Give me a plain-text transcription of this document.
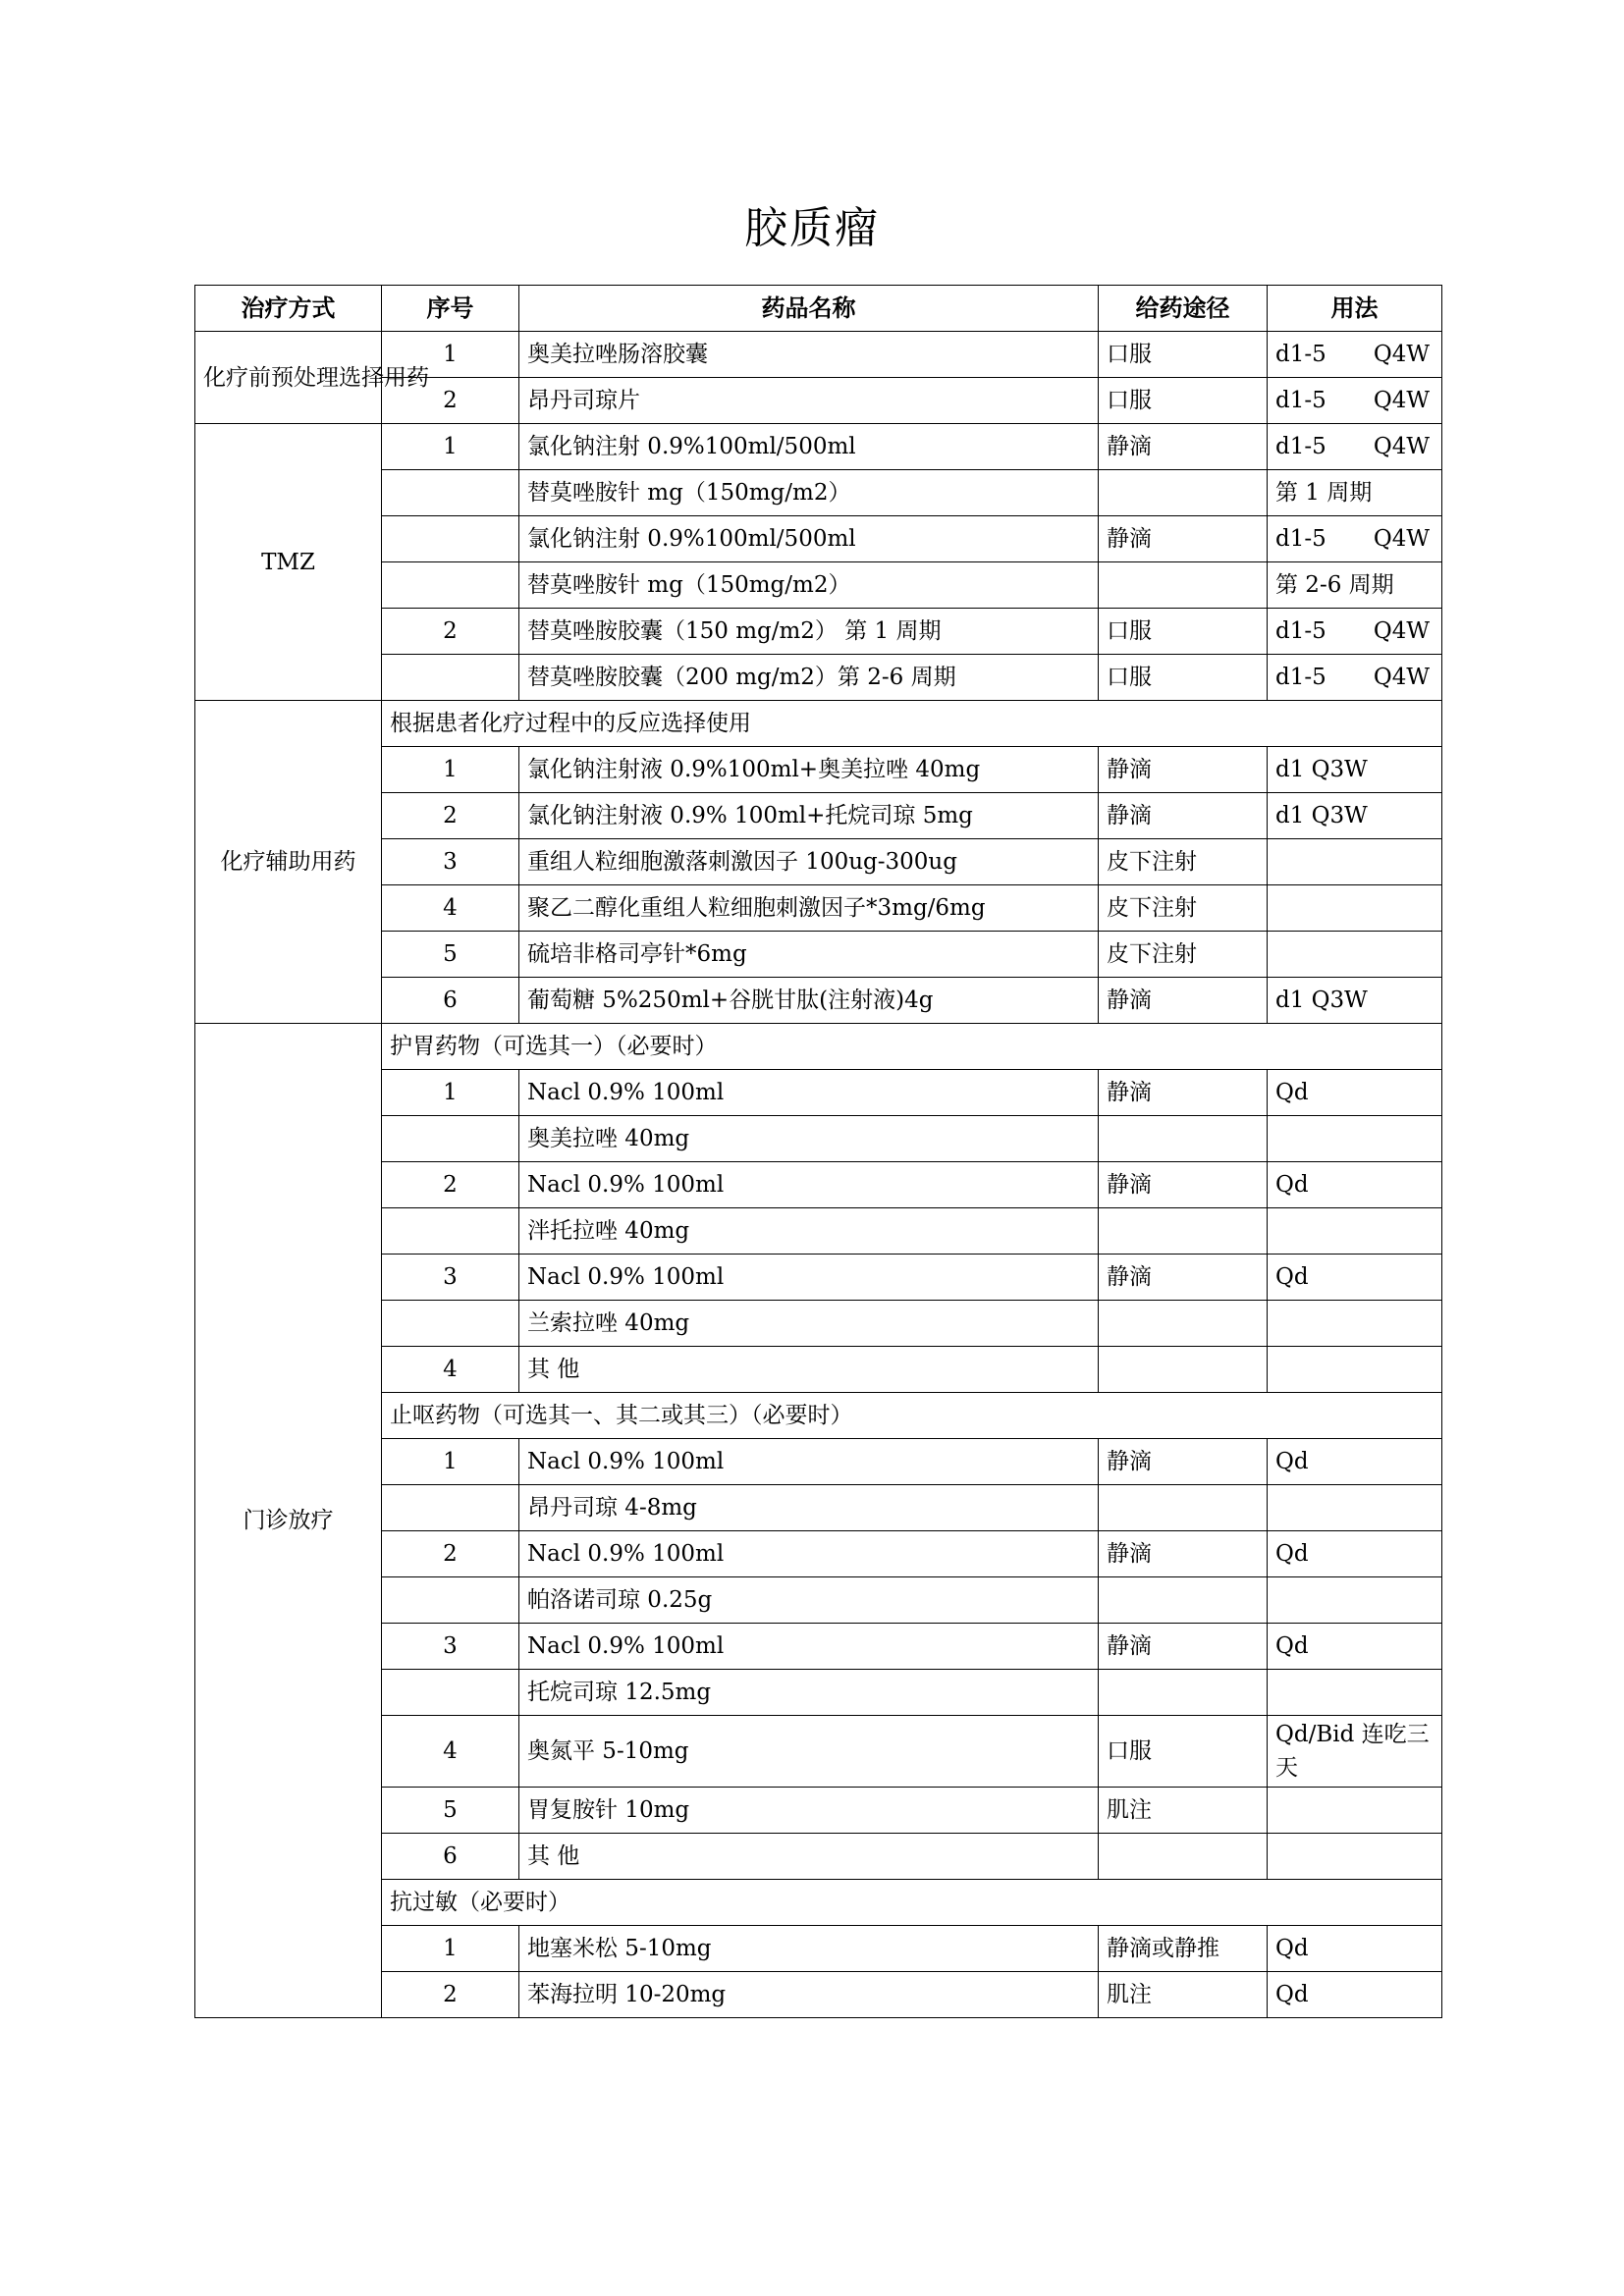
胶质瘤
治疗方式	序号	药品名称	给药途径	用法
化疗前预处理选择用药	1	奥美拉唑肠溶胶囊	口服	d1-5 Q4W

	2	昂丹司琼片	口服	d1-5 Q4W

TMZ	1	氯化钠注射 0.9%100ml/500ml	静滴	d1-5 Q4W

		替莫唑胺针 mg（150mg/m2）		第 1 周期
		氯化钠注射 0.9%100ml/500ml	静滴	d1-5 Q4W

		替莫唑胺针 mg（150mg/m2）		第 2-6 周期
	2	替莫唑胺胶囊（150 mg/m2） 第 1 周期	口服	d1-5 Q4W

		替莫唑胺胶囊（200 mg/m2）第 2-6 周期	口服	d1-5 Q4W

化疗辅助用药	根据患者化疗过程中的反应选择使用			
	1	氯化钠注射液 0.9%100ml+奥美拉唑 40mg	静滴	d1 Q3W
	2	氯化钠注射液 0.9% 100ml+托烷司琼 5mg	静滴	d1 Q3W
	3	重组人粒细胞激落刺激因子 100ug-300ug	皮下注射	
	4	聚乙二醇化重组人粒细胞刺激因子*3mg/6mg	皮下注射	
	5	硫培非格司亭针*6mg	皮下注射	
	6	葡萄糖 5%250ml+谷胱甘肽(注射液)4g	静滴	d1 Q3W
门诊放疗	护胃药物（可选其一）（必要时）			
	1	Nacl 0.9% 100ml	静滴	Qd
		奥美拉唑 40mg		
	2	Nacl 0.9% 100ml	静滴	Qd
		泮托拉唑 40mg		
	3	Nacl 0.9% 100ml	静滴	Qd
		兰索拉唑 40mg		
	4	其 他		
	止呕药物（可选其一、其二或其三）（必要时）			
	1	Nacl 0.9% 100ml	静滴	Qd
		昂丹司琼 4-8mg		
	2	Nacl 0.9% 100ml	静滴	Qd
		帕洛诺司琼 0.25g		
	3	Nacl 0.9% 100ml	静滴	Qd
		托烷司琼 12.5mg		
	4	奥氮平 5-10mg	口服	Qd/Bid 连吃三天
	5	胃复胺针 10mg	肌注	
	6	其 他		
	抗过敏（必要时）			
	1	地塞米松 5-10mg	静滴或静推	Qd
	2	苯海拉明 10-20mg	肌注	Qd
